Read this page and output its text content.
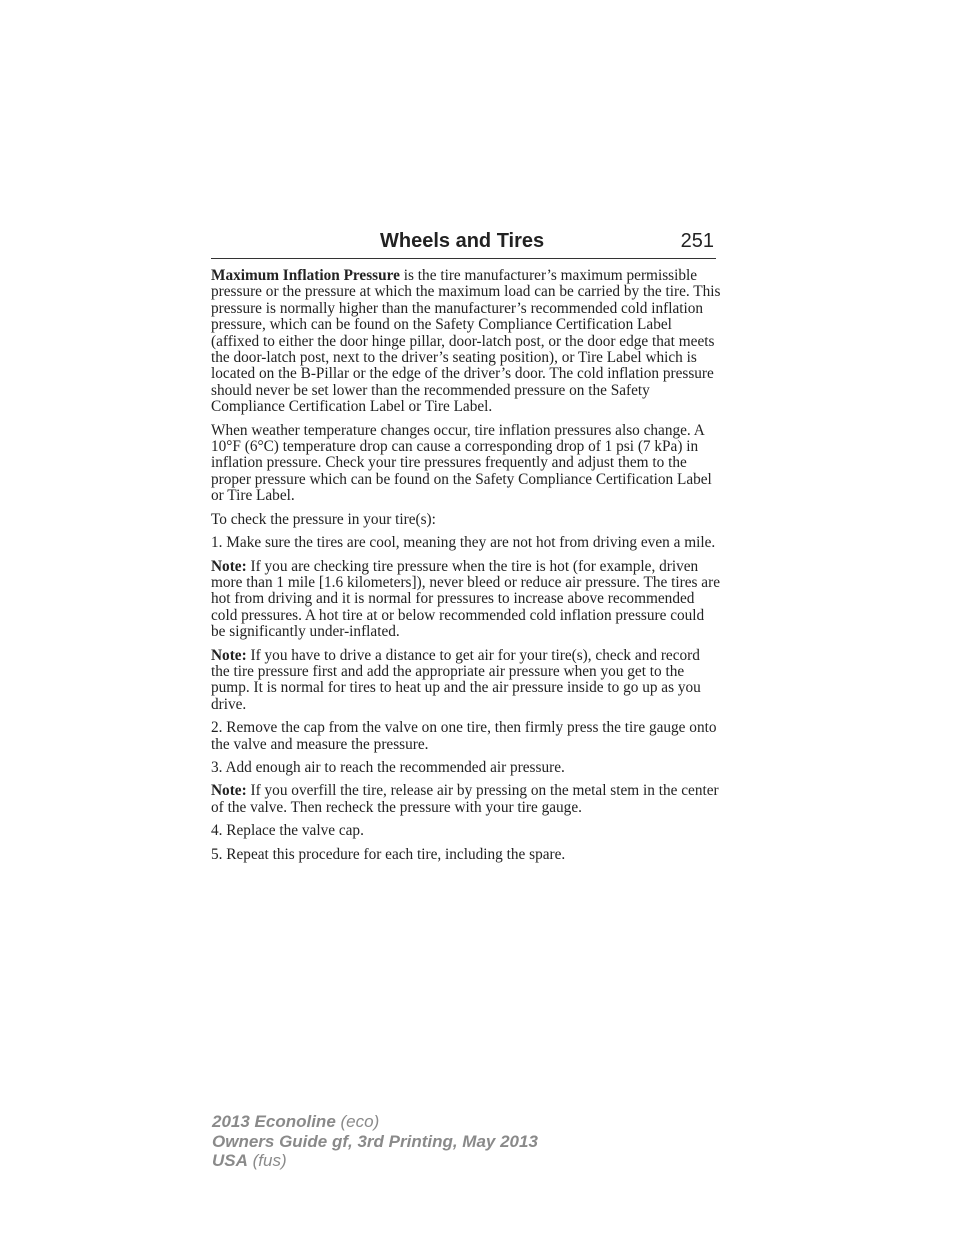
Wheels and Tires	251

Maximum Inflation Pressure is the tire manufacturer’s maximum permissible pressure or the pressure at which the maximum load can be carried by the tire. This pressure is normally higher than the manufacturer’s recommended cold inflation pressure, which can be found on the Safety Compliance Certification Label (affixed to either the door hinge pillar, door-latch post, or the door edge that meets the door-latch post, next to the driver’s seating position), or Tire Label which is located on the B-Pillar or the edge of the driver’s door. The cold inflation pressure should never be set lower than the recommended pressure on the Safety Compliance Certification Label or Tire Label.

When weather temperature changes occur, tire inflation pressures also change. A 10°F (6°C) temperature drop can cause a corresponding drop of 1 psi (7 kPa) in inflation pressure. Check your tire pressures frequently and adjust them to the proper pressure which can be found on the Safety Compliance Certification Label or Tire Label.

To check the pressure in your tire(s):

1. Make sure the tires are cool, meaning they are not hot from driving even a mile.

Note: If you are checking tire pressure when the tire is hot (for example, driven more than 1 mile [1.6 kilometers]), never bleed or reduce air pressure. The tires are hot from driving and it is normal for pressures to increase above recommended cold pressures. A hot tire at or below recommended cold inflation pressure could be significantly under-inflated.

Note: If you have to drive a distance to get air for your tire(s), check and record the tire pressure first and add the appropriate air pressure when you get to the pump. It is normal for tires to heat up and the air pressure inside to go up as you drive.

2. Remove the cap from the valve on one tire, then firmly press the tire gauge onto the valve and measure the pressure.

3. Add enough air to reach the recommended air pressure.

Note: If you overfill the tire, release air by pressing on the metal stem in the center of the valve. Then recheck the pressure with your tire gauge.

4. Replace the valve cap.

5. Repeat this procedure for each tire, including the spare.

2013 Econoline (eco)
Owners Guide gf, 3rd Printing, May 2013
USA (fus)
